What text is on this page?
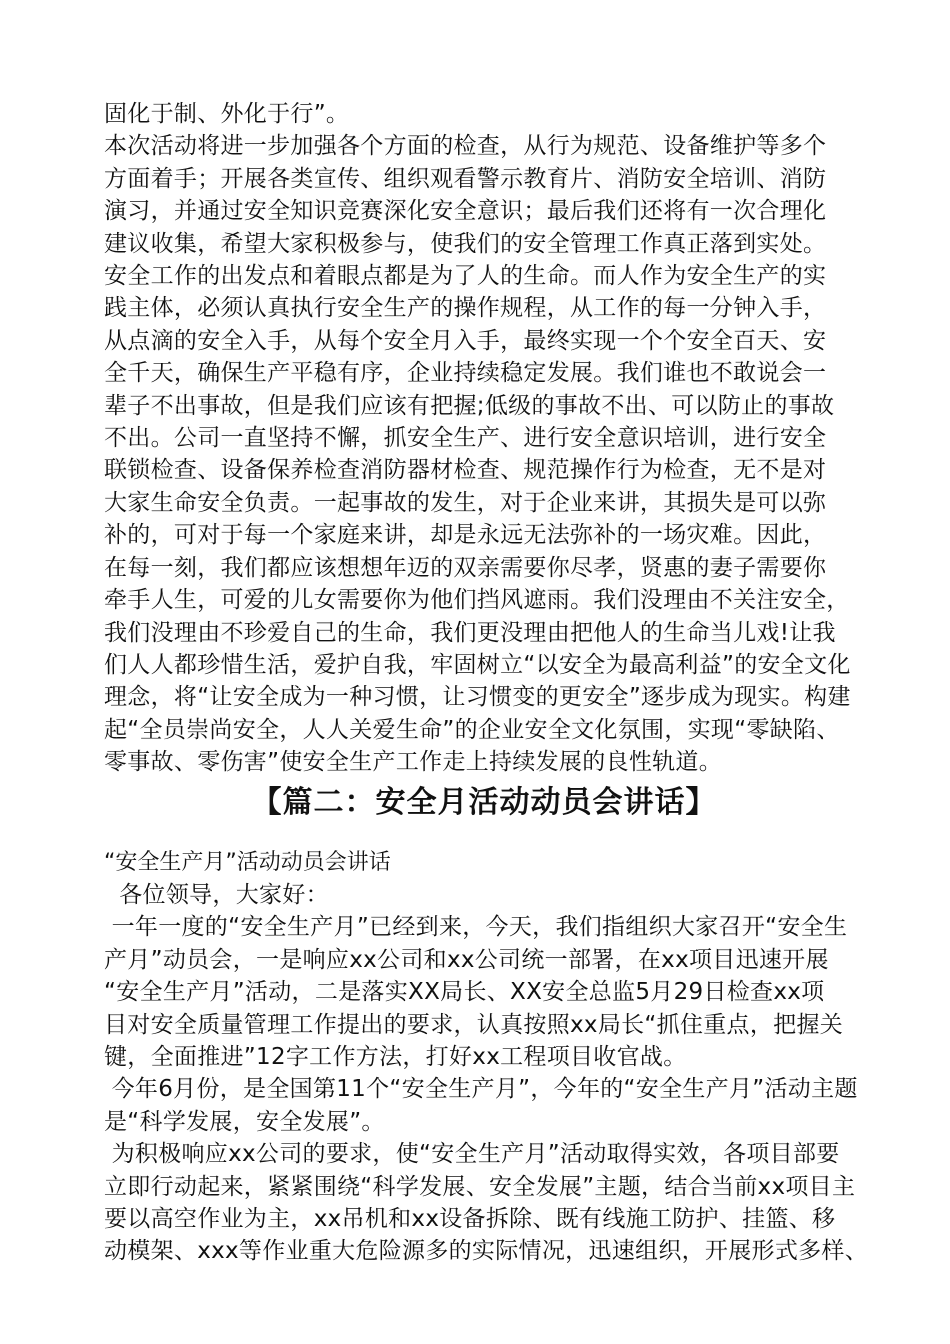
固化于制、外化于行”。
本次活动将进一步加强各个方面的检查，从行为规范、设备维护等多个
方面着手；开展各类宣传、组织观看警示教育片、消防安全培训、消防
演习，并通过安全知识竞赛深化安全意识；最后我们还将有一次合理化
建议收集，希望大家积极参与，使我们的安全管理工作真正落到实处。
安全工作的出发点和着眼点都是为了人的生命。而人作为安全生产的实
践主体，必须认真执行安全生产的操作规程，从工作的每一分钟入手，
从点滴的安全入手，从每个安全月入手，最终实现一个个安全百天、安
全千天，确保生产平稳有序，企业持续稳定发展。我们谁也不敢说会一
辈子不出事故，但是我们应该有把握;低级的事故不出、可以防止的事故
不出。公司一直坚持不懈，抓安全生产、进行安全意识培训，进行安全
联锁检查、设备保养检查消防器材检查、规范操作行为检查，无不是对
大家生命安全负责。一起事故的发生，对于企业来讲，其损失是可以弥
补的，可对于每一个家庭来讲，却是永远无法弥补的一场灾难。因此，
在每一刻，我们都应该想想年迈的双亲需要你尽孝，贤惠的妻子需要你
牵手人生，可爱的儿女需要你为他们挡风遮雨。我们没理由不关注安全，
我们没理由不珍爱自己的生命，我们更没理由把他人的生命当儿戏!让我
们人人都珍惜生活，爱护自我，牢固树立“以安全为最高利益”的安全文化
理念，将“让安全成为一种习惯，让习惯变的更安全”逐步成为现实。构建
起“全员崇尚安全，人人关爱生命”的企业安全文化氛围，实现“零缺陷、
零事故、零伤害”使安全生产工作走上持续发展的良性轨道。
【篇二：安全月活动动员会讲话】
“安全生产月”活动动员会讲话
各位领导，大家好：
一年一度的“安全生产月”已经到来，今天，我们指组织大家召开“安全生
产月”动员会，一是响应xx公司和xx公司统一部署，在xx项目迅速开展
“安全生产月”活动，二是落实XX局长、XX安全总监5月29日检查xx项
目对安全质量管理工作提出的要求，认真按照xx局长“抓住重点，把握关
键，全面推进”12字工作方法，打好xx工程项目收官战。
今年6月份，是全国第11个“安全生产月”，今年的“安全生产月”活动主题
是“科学发展，安全发展”。
为积极响应xx公司的要求，使“安全生产月”活动取得实效，各项目部要
立即行动起来，紧紧围绕“科学发展、安全发展”主题，结合当前xx项目主
要以高空作业为主，xx吊机和xx设备拆除、既有线施工防护、挂篮、移
动模架、xxx等作业重大危险源多的实际情况，迅速组织，开展形式多样、
